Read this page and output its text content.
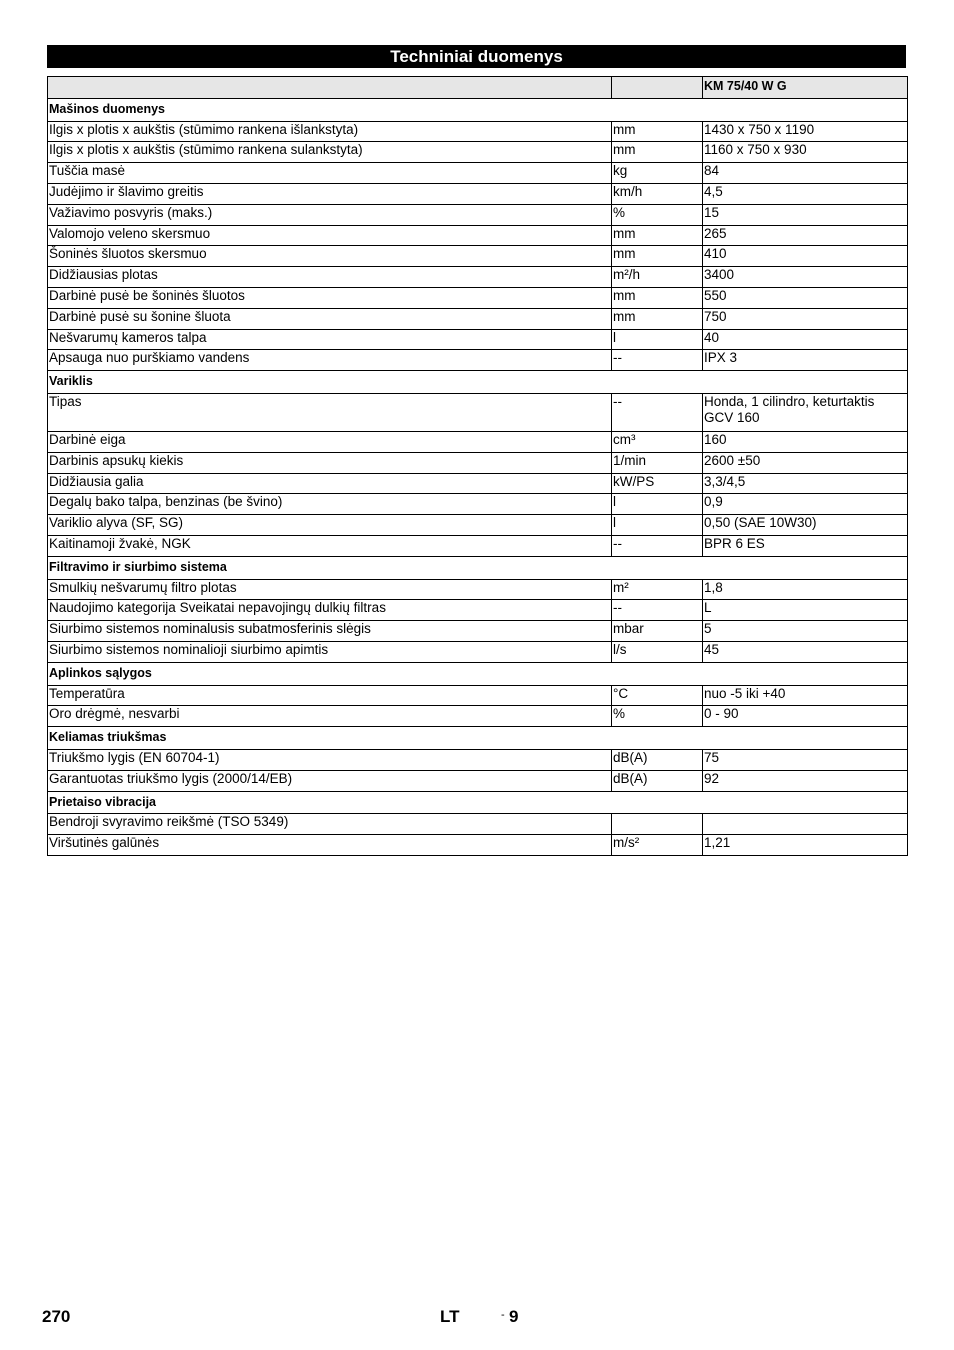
Techniniai duomenys
		KM 75/40 W G
Mašinos duomenys		
Ilgis x plotis x aukštis (stūmimo rankena išlankstyta)	mm	1430 x 750 x 1190
Ilgis x plotis x aukštis (stūmimo rankena sulankstyta)	mm	1160 x 750 x 930
Tuščia masė	kg	84
Judėjimo ir šlavimo greitis	km/h	4,5
Važiavimo posvyris (maks.)	%	15
Valomojo veleno skersmuo	mm	265
Šoninės šluotos skersmuo	mm	410
Didžiausias plotas	m²/h	3400
Darbinė pusė be šoninės šluotos	mm	550
Darbinė pusė su šonine šluota	mm	750
Nešvarumų kameros talpa	l	40
Apsauga nuo purškiamo vandens	--	IPX 3
Variklis		
Tipas	--	Honda, 1 cilindro, keturtaktis GCV 160
Darbinė eiga	cm³	160
Darbinis apsukų kiekis	1/min	2600 ±50
Didžiausia galia	kW/PS	3,3/4,5
Degalų bako talpa, benzinas (be švino)	l	0,9
Variklio alyva (SF, SG)	l	0,50 (SAE 10W30)
Kaitinamoji žvakė, NGK	--	BPR 6 ES
Filtravimo ir siurbimo sistema		
Smulkių nešvarumų filtro plotas	m²	1,8
Naudojimo kategorija Sveikatai nepavojingų dulkių filtras	--	L
Siurbimo sistemos nominalusis subatmosferinis slėgis	mbar	5
Siurbimo sistemos nominalioji siurbimo apimtis	l/s	45
Aplinkos sąlygos		
Temperatūra	°C	nuo -5 iki +40
Oro drėgmė, nesvarbi	%	0 - 90
Keliamas triukšmas		
Triukšmo lygis (EN 60704-1)	dB(A)	75
Garantuotas triukšmo lygis (2000/14/EB)	dB(A)	92
Prietaiso vibracija		
Bendroji svyravimo reikšmė (TSO 5349)		
Viršutinės galūnės	m/s²	1,21
270	LT	- 9
